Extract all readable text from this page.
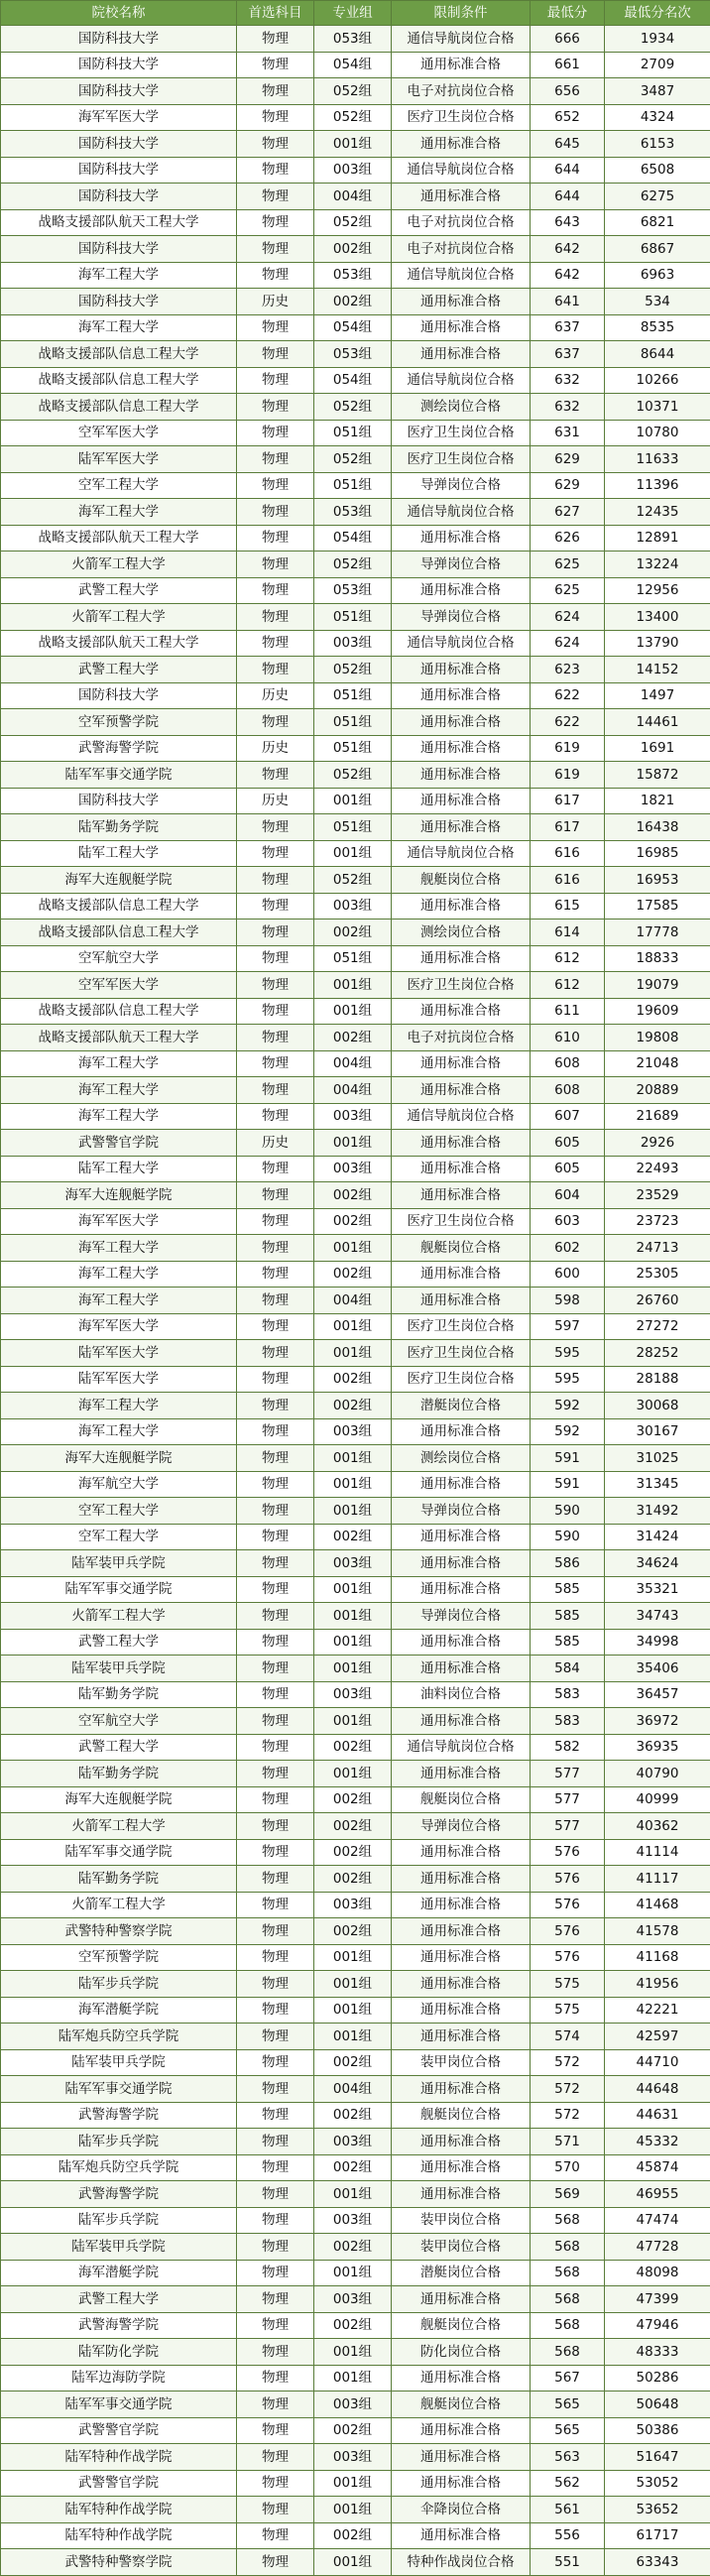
院校名称	首选科目	专业组	限制条件	最低分	最低分名次
国防科技大学	物理	053组	通信导航岗位合格	666	1934
国防科技大学	物理	054组	通用标准合格	661	2709
国防科技大学	物理	052组	电子对抗岗位合格	656	3487
海军军医大学	物理	052组	医疗卫生岗位合格	652	4324
国防科技大学	物理	001组	通用标准合格	645	6153
国防科技大学	物理	003组	通信导航岗位合格	644	6508
国防科技大学	物理	004组	通用标准合格	644	6275
战略支援部队航天工程大学	物理	052组	电子对抗岗位合格	643	6821
国防科技大学	物理	002组	电子对抗岗位合格	642	6867
海军工程大学	物理	053组	通信导航岗位合格	642	6963
国防科技大学	历史	002组	通用标准合格	641	534
海军工程大学	物理	054组	通用标准合格	637	8535
战略支援部队信息工程大学	物理	053组	通用标准合格	637	8644
战略支援部队信息工程大学	物理	054组	通信导航岗位合格	632	10266
战略支援部队信息工程大学	物理	052组	测绘岗位合格	632	10371
空军军医大学	物理	051组	医疗卫生岗位合格	631	10780
陆军军医大学	物理	052组	医疗卫生岗位合格	629	11633
空军工程大学	物理	051组	导弹岗位合格	629	11396
海军工程大学	物理	053组	通信导航岗位合格	627	12435
战略支援部队航天工程大学	物理	054组	通用标准合格	626	12891
火箭军工程大学	物理	052组	导弹岗位合格	625	13224
武警工程大学	物理	053组	通用标准合格	625	12956
火箭军工程大学	物理	051组	导弹岗位合格	624	13400
战略支援部队航天工程大学	物理	003组	通信导航岗位合格	624	13790
武警工程大学	物理	052组	通用标准合格	623	14152
国防科技大学	历史	051组	通用标准合格	622	1497
空军预警学院	物理	051组	通用标准合格	622	14461
武警海警学院	历史	051组	通用标准合格	619	1691
陆军军事交通学院	物理	052组	通用标准合格	619	15872
国防科技大学	历史	001组	通用标准合格	617	1821
陆军勤务学院	物理	051组	通用标准合格	617	16438
陆军工程大学	物理	001组	通信导航岗位合格	616	16985
海军大连舰艇学院	物理	052组	舰艇岗位合格	616	16953
战略支援部队信息工程大学	物理	003组	通用标准合格	615	17585
战略支援部队信息工程大学	物理	002组	测绘岗位合格	614	17778
空军航空大学	物理	051组	通用标准合格	612	18833
空军军医大学	物理	001组	医疗卫生岗位合格	612	19079
战略支援部队信息工程大学	物理	001组	通用标准合格	611	19609
战略支援部队航天工程大学	物理	002组	电子对抗岗位合格	610	19808
海军工程大学	物理	004组	通用标准合格	608	21048
海军工程大学	物理	004组	通用标准合格	608	20889
海军工程大学	物理	003组	通信导航岗位合格	607	21689
武警警官学院	历史	001组	通用标准合格	605	2926
陆军工程大学	物理	003组	通用标准合格	605	22493
海军大连舰艇学院	物理	002组	通用标准合格	604	23529
海军军医大学	物理	002组	医疗卫生岗位合格	603	23723
海军工程大学	物理	001组	舰艇岗位合格	602	24713
海军工程大学	物理	002组	通用标准合格	600	25305
海军工程大学	物理	004组	通用标准合格	598	26760
海军军医大学	物理	001组	医疗卫生岗位合格	597	27272
陆军军医大学	物理	001组	医疗卫生岗位合格	595	28252
陆军军医大学	物理	002组	医疗卫生岗位合格	595	28188
海军工程大学	物理	002组	潜艇岗位合格	592	30068
海军工程大学	物理	003组	通用标准合格	592	30167
海军大连舰艇学院	物理	001组	测绘岗位合格	591	31025
海军航空大学	物理	001组	通用标准合格	591	31345
空军工程大学	物理	001组	导弹岗位合格	590	31492
空军工程大学	物理	002组	通用标准合格	590	31424
陆军装甲兵学院	物理	003组	通用标准合格	586	34624
陆军军事交通学院	物理	001组	通用标准合格	585	35321
火箭军工程大学	物理	001组	导弹岗位合格	585	34743
武警工程大学	物理	001组	通用标准合格	585	34998
陆军装甲兵学院	物理	001组	通用标准合格	584	35406
陆军勤务学院	物理	003组	油料岗位合格	583	36457
空军航空大学	物理	001组	通用标准合格	583	36972
武警工程大学	物理	002组	通信导航岗位合格	582	36935
陆军勤务学院	物理	001组	通用标准合格	577	40790
海军大连舰艇学院	物理	002组	舰艇岗位合格	577	40999
火箭军工程大学	物理	002组	导弹岗位合格	577	40362
陆军军事交通学院	物理	002组	通用标准合格	576	41114
陆军勤务学院	物理	002组	通用标准合格	576	41117
火箭军工程大学	物理	003组	通用标准合格	576	41468
武警特种警察学院	物理	002组	通用标准合格	576	41578
空军预警学院	物理	001组	通用标准合格	576	41168
陆军步兵学院	物理	001组	通用标准合格	575	41956
海军潜艇学院	物理	001组	通用标准合格	575	42221
陆军炮兵防空兵学院	物理	001组	通用标准合格	574	42597
陆军装甲兵学院	物理	002组	装甲岗位合格	572	44710
陆军军事交通学院	物理	004组	通用标准合格	572	44648
武警海警学院	物理	002组	舰艇岗位合格	572	44631
陆军步兵学院	物理	003组	通用标准合格	571	45332
陆军炮兵防空兵学院	物理	002组	通用标准合格	570	45874
武警海警学院	物理	001组	通用标准合格	569	46955
陆军步兵学院	物理	003组	装甲岗位合格	568	47474
陆军装甲兵学院	物理	002组	装甲岗位合格	568	47728
海军潜艇学院	物理	001组	潜艇岗位合格	568	48098
武警工程大学	物理	003组	通用标准合格	568	47399
武警海警学院	物理	002组	舰艇岗位合格	568	47946
陆军防化学院	物理	001组	防化岗位合格	568	48333
陆军边海防学院	物理	001组	通用标准合格	567	50286
陆军军事交通学院	物理	003组	舰艇岗位合格	565	50648
武警警官学院	物理	002组	通用标准合格	565	50386
陆军特种作战学院	物理	003组	通用标准合格	563	51647
武警警官学院	物理	001组	通用标准合格	562	53052
陆军特种作战学院	物理	001组	伞降岗位合格	561	53652
陆军特种作战学院	物理	002组	通用标准合格	556	61717
武警特种警察学院	物理	001组	特种作战岗位合格	551	63343
